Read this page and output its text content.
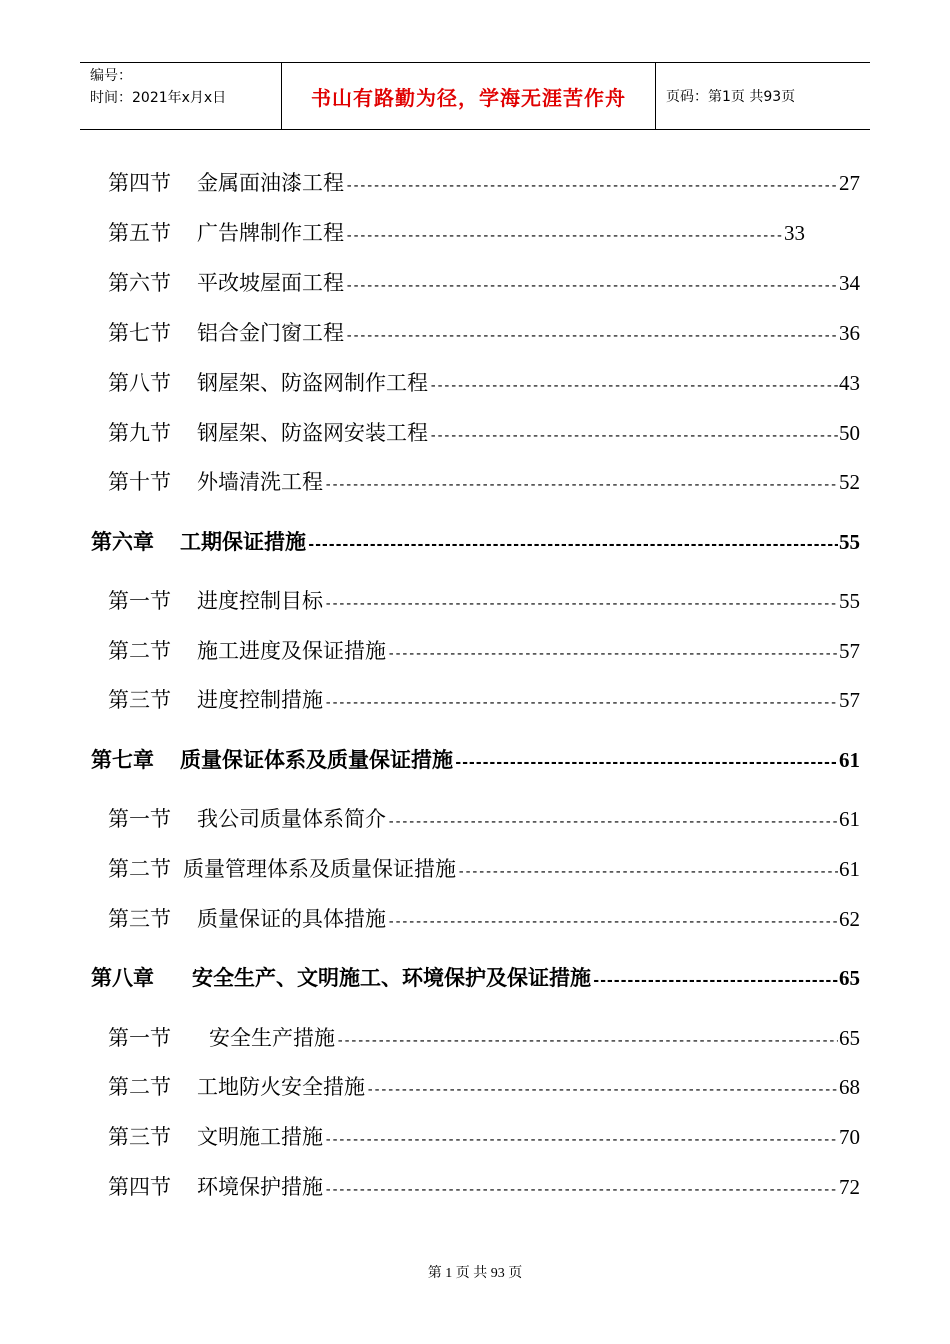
编号：
时间：2021年x月x日	书山有路勤为径，学海无涯苦作舟	页码：第1页 共93页
第四节 金属面油漆工程 -----	27
第五节 广告牌制作工程 -----	33
第六节 平改坡屋面工程 -----	34
第七节 铝合金门窗工程 -----	36
第八节 钢屋架、防盗网制作工程 -----	43
第九节 钢屋架、防盗网安装工程 -----	50
第十节 外墙清洗工程 -----	52
第六章 工期保证措施 -----	55
第一节 进度控制目标 -----	55
第二节 施工进度及保证措施 -----	57
第三节 进度控制措施 -----	57
第七章 质量保证体系及质量保证措施 -----	61
第一节 我公司质量体系简介 -----	61
第二节 质量管理体系及质量保证措施 -----	61
第三节 质量保证的具体措施 -----	62
第八章 安全生产、文明施工、环境保护及保证措施 -----	65
第一节 安全生产措施 -----	65
第二节 工地防火安全措施 -----	68
第三节 文明施工措施 -----	70
第四节 环境保护措施 -----	72
第 1 页 共 93 页
